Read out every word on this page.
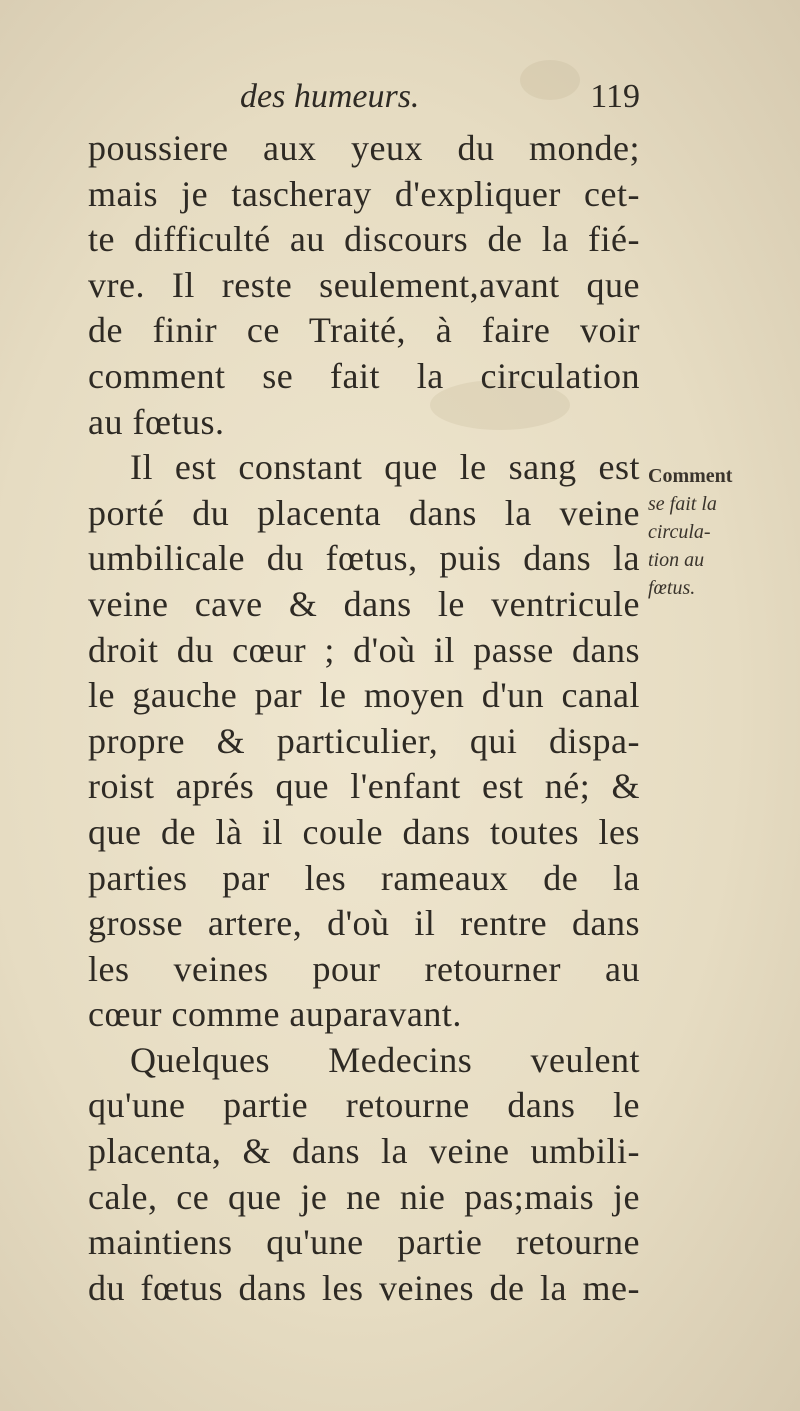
des humeurs.	119
poussiere aux yeux du monde;
mais je tascheray d'expliquer cet-
te difficulté au discours de la fié-
vre. Il reste seulement,avant que
de finir ce Traité, à faire voir
comment se fait la circulation
au fœtus.
Il est constant que le sang est
porté du placenta dans la veine
umbilicale du fœtus, puis dans la
veine cave & dans le ventricule
droit du cœur ; d'où il passe dans
le gauche par le moyen d'un canal
propre & particulier, qui dispa-
roist aprés que l'enfant est né; &
que de là il coule dans toutes les
parties par les rameaux de la
grosse artere, d'où il rentre dans
les veines pour retourner au
cœur comme auparavant.
Quelques Medecins veulent
qu'une partie retourne dans le
placenta, & dans la veine umbili-
cale, ce que je ne nie pas;mais je
maintiens qu'une partie retourne
du fœtus dans les veines de la me-
Comment
se fait la
circula-
tion au
fœtus.
